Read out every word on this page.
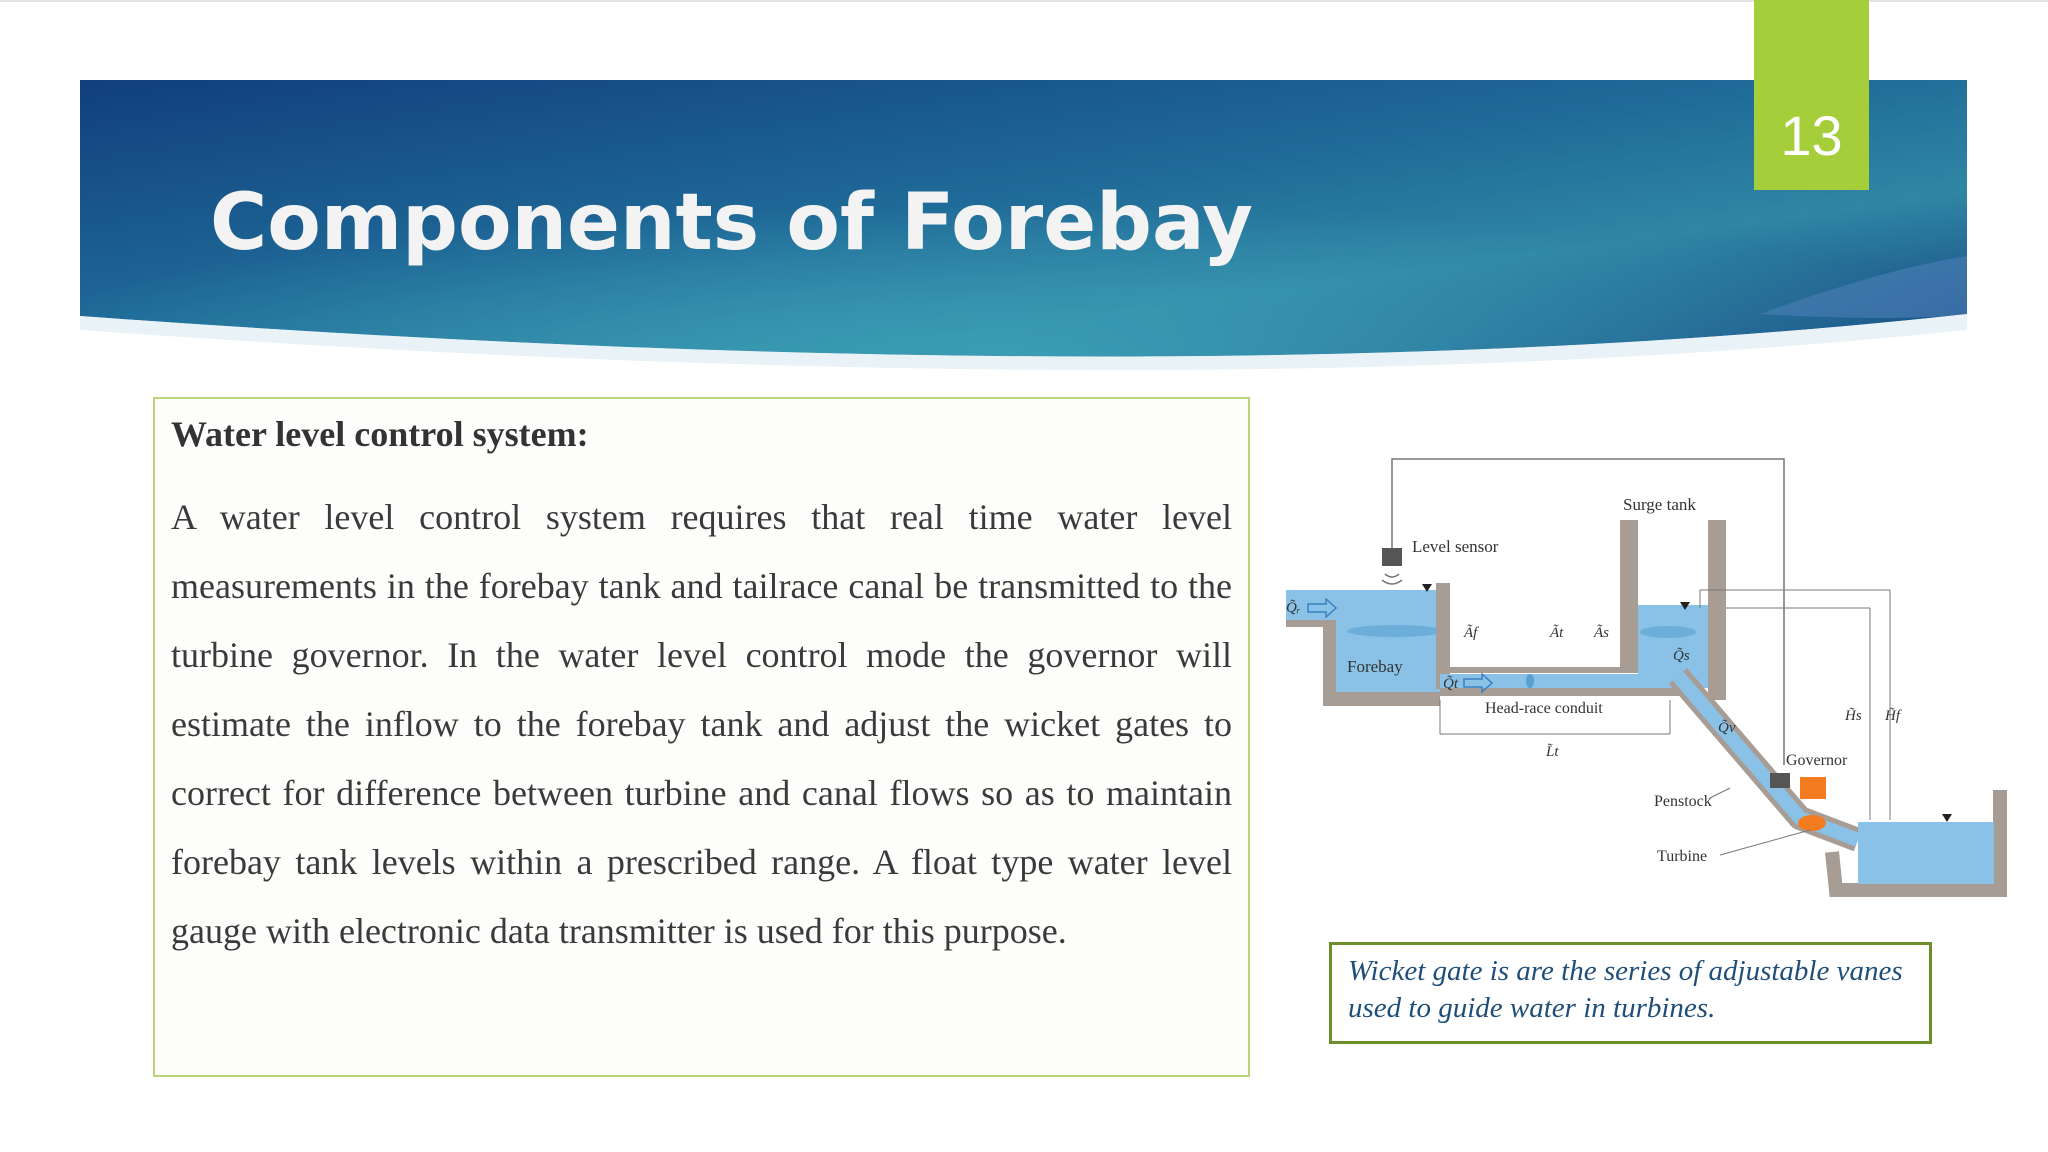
13
Components of Forebay

Water level control system:

A water level control system requires that real time water level measurements in the forebay tank and tailrace canal be transmitted to the turbine governor. In the water level control mode the governor will estimate the inflow to the forebay tank and adjust the wicket gates to correct for difference between turbine and canal flows so as to maintain forebay tank levels within a prescribed range. A float type water level gauge with electronic data transmitter is used for this purpose.

Surge tank
Level sensor
Forebay
Head-race conduit
Governor
Penstock
Turbine
Q̃ᵣ
Ãf	Ãt Ãs
Q̃s
Q̃t
Q̃v
L̃t
H̃s H̃f
Wicket gate is are the series of adjustable vanes used to guide water in turbines.
